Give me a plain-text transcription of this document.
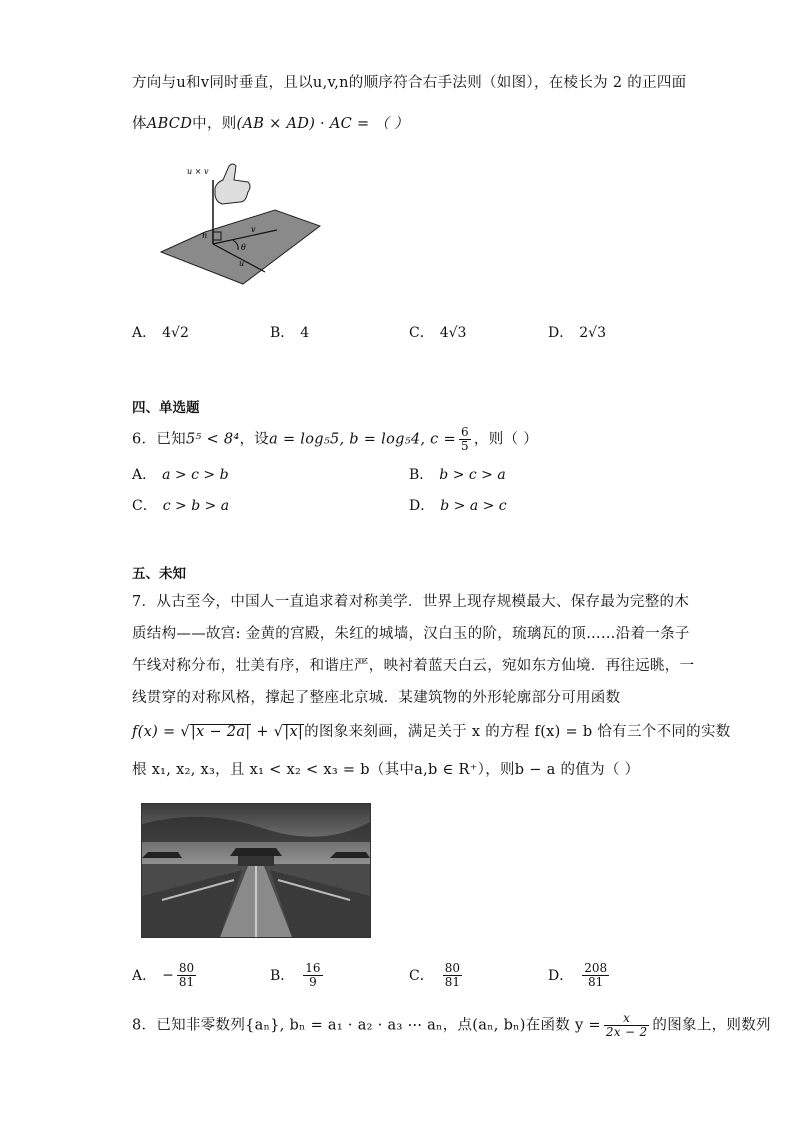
方向与u和v同时垂直，且以u,v,n的顺序符合右手法则（如图），在棱长为 2 的正四面
体ABCD中，则(AB × AD) · AC = （ ）
u × v
n
v
u
θ
A． 4√2	B． 4	C． 4√3	D． 2√3
四、单选题
6．已知5⁵ < 8⁴，设a = log₅5, b = log₅4, $c = \frac{6}{5}$ ，则（ ）
A． a > c > b	B． b > c > a
C． c > b > a	D． b > a > c
五、未知
7．从古至今，中国人一直追求着对称美学．世界上现存规模最大、保存最为完整的木
质结构——故宫: 金黄的宫殿，朱红的城墙，汉白玉的阶，琉璃瓦的顶……沿着一条子
午线对称分布，壮美有序，和谐庄严，映衬着蓝天白云，宛如东方仙境．再往远眺，一
线贯穿的对称风格，撑起了整座北京城．某建筑物的外形轮廓部分可用函数
f(x) = √|x − 2a| + √|x|的图象来刻画，满足关于 x 的方程 f(x) = b 恰有三个不同的实数
根 x₁, x₂, x₃，且 x₁ < x₂ < x₃ = b（其中a,b ∈ R⁺），则b − a 的值为（ ）
A． − $\frac{80}{81}$	B． $\frac{16}{9}$	C． $\frac{80}{81}$	D． $\frac{208}{81}$
8．已知非零数列{aₙ}, bₙ = a₁ · a₂ · a₃ ⋯ aₙ，点(aₙ, bₙ)在函数 $y = \frac{x}{2x - 2}$ 的图象上，则数列
